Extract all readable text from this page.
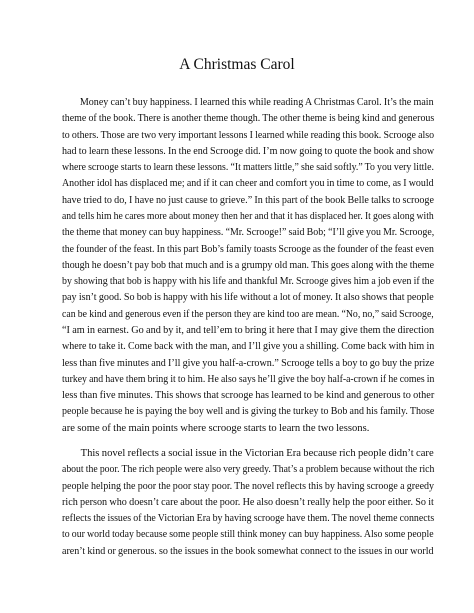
A Christmas Carol

Money can’t buy happiness. I learned this while reading A Christmas Carol. It’s the main
theme of the book. There is another theme though. The other theme is being kind and generous
to others. Those are two very important lessons I learned while reading this book. Scrooge also
had to learn these lessons. In the end Scrooge did. I’m now going to quote the book and show
where scrooge starts to learn these lessons. “It matters little,” she said softly.” To you very little.
Another idol has displaced me; and if it can cheer and comfort you in time to come, as I would
have tried to do, I have no just cause to grieve.” In this part of the book Belle talks to scrooge
and tells him he cares more about money then her and that it has displaced her. It goes along with
the theme that money can buy happiness. “Mr. Scrooge!” said Bob; “I’ll give you Mr. Scrooge,
the founder of the feast. In this part Bob’s family toasts Scrooge as the founder of the feast even
though he doesn’t pay bob that much and is a grumpy old man. This goes along with the theme
by showing that bob is happy with his life and thankful Mr. Scrooge gives him a job even if the
pay isn’t good. So bob is happy with his life without a lot of money. It also shows that people
can be kind and generous even if the person they are kind too are mean. “No, no,” said Scrooge,
“I am in earnest. Go and by it, and tell’em to bring it here that I may give them the direction
where to take it. Come back with the man, and I’ll give you a shilling. Come back with him in
less than five minutes and I’ll give you half-a-crown.” Scrooge tells a boy to go buy the prize
turkey and have them bring it to him. He also says he’ll give the boy half-a-crown if he comes in
less than five minutes. This shows that scrooge has learned to be kind and generous to other
people because he is paying the boy well and is giving the turkey to Bob and his family. Those
are some of the main points where scrooge starts to learn the two lessons.

This novel reflects a social issue in the Victorian Era because rich people didn’t care
about the poor. The rich people were also very greedy. That’s a problem because without the rich
people helping the poor the poor stay poor. The novel reflects this by having scrooge a greedy
rich person who doesn’t care about the poor. He also doesn’t really help the poor either. So it
reflects the issues of the Victorian Era by having scrooge have them. The novel theme connects
to our world today because some people still think money can buy happiness. Also some people
aren’t kind or generous. so the issues in the book somewhat connect to the issues in our world
